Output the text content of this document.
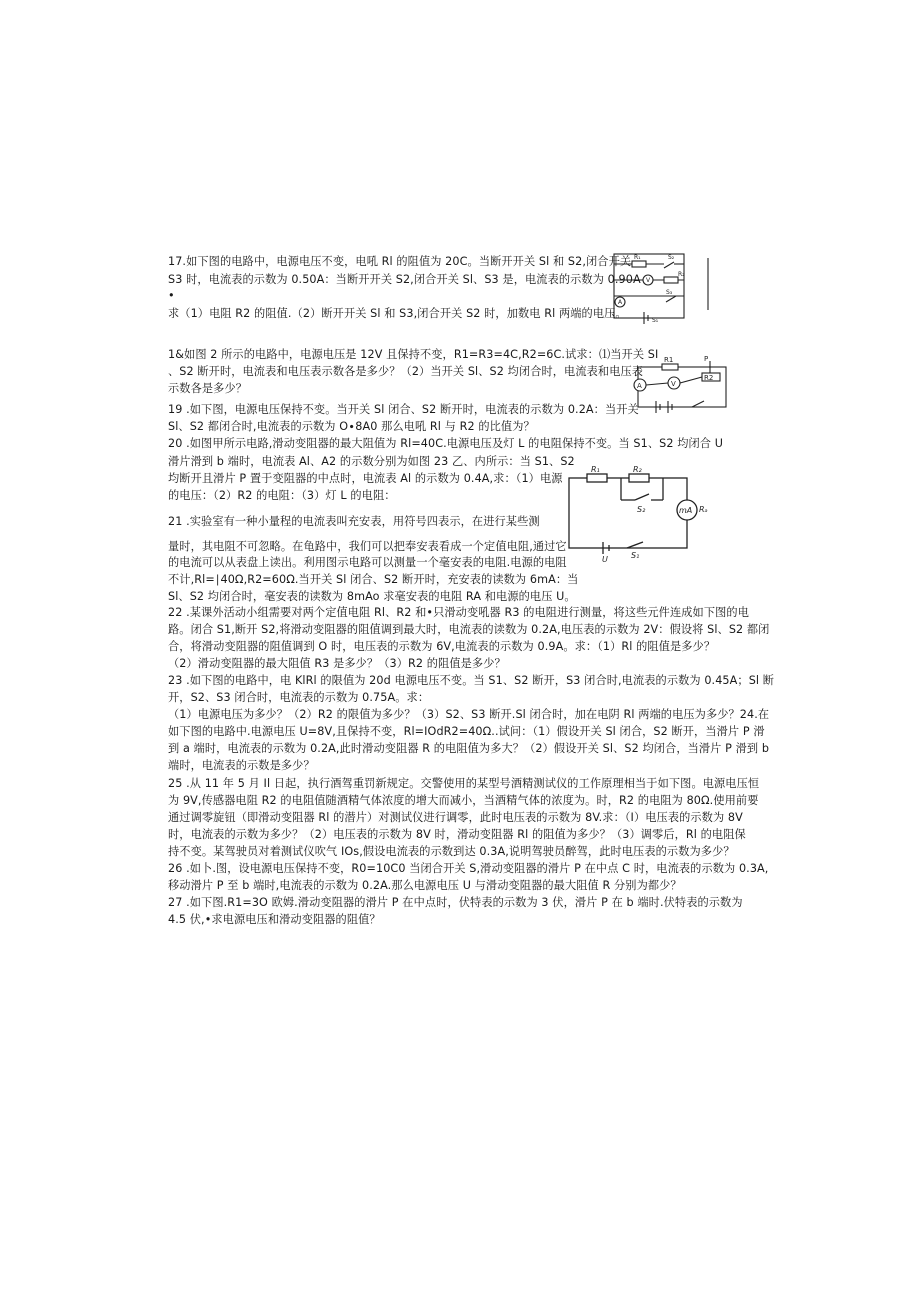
17.如下图的电路中，电源电压不变，电吼 Rl 的阻值为 20C。当断开开关 Sl 和 S2,闭合开关
S3 时，电流表的示数为 0.50A：当断开开关 S2,闭合开关 Sl、S3 是，电流表的示数为 0.90A
•
求（1）电阻 R2 的阻值.（2）断开开关 Sl 和 S3,闭合开关 S2 时，加数电 Rl 两端的电压。
R₁	S₂
V
R₂
A
S₃
S₁
1&如图 2 所示的电路中，电源电压是 12V 且保持不变，R1=R3=4C,R2=6C.试求：⑴当开关 SI
、S2 断开时，电流表和电压表示数各是多少？（2）当开关 Sl、S2 均闭合时，电流表和电压表
示数各是多少？
R1	P
R2
A	V
19 .如下图，电源电压保持不变。当开关 Sl 闭合、S2 断开时，电流表的示数为 0.2A：当开关
Sl、S2 都闭合时,电流表的示数为 O∙8A0 那么电吼 Rl 与 R2 的比值为？
20 .如图甲所示电路,滑动变阻器的最大阻值为 Rl=40C.电源电压及灯 L 的电阻保持不变。当 S1、S2 均闭合 U
滑片滑到 b 端时，电流表 Al、A2 的示数分别为如图 23 乙、内所示：当 S1、S2
均断开且滑片 P 置于变阻器的中点时，电流表 Al 的示数为 0.4A,求：（1）电源
的电压：（2）R2 的电阻：（3）灯 L 的电阻：
R₁	R₂
S₂	mA Rₐ
U	S₁
21 .实验室有一种小量程的电流表叫充安表，用符号四表示，在进行某些测
量时，其电阻不可忽略。在龟路中，我们可以把奉安表看成一个定值电阻,通过它
的电流可以从表盘上读出。利用图示电路可以测量一个毫安表的电阻.电源的电阻
不计,Rl=∣40Ω,R2=60Ω.当开关 Sl 闭合、S2 断开时，充安表的读数为 6mA：当
Sl、S2 均闭合时，毫安表的读数为 8mAo 求毫安表的电阻 RA 和电源的电压 U。
22 .某课外活动小组需要对两个定值电阻 Rl、R2 和•只滑动变吼器 R3 的电阻进行测量，将这些元件连成如下图的电
路。闭合 S1,断开 S2,将滑动变阻器的阻值调到最大时，电流表的读数为 0.2A,电压表的示数为 2V：假设将 Sl、S2 都闭
合，将滑动变阻器的阻值调到 O 时，电压表的示数为 6V,电流表的示数为 0.9A。求：（1）Rl 的阻值是多少？
（2）滑动变阻器的最大阻值 R3 是多少？（3）R2 的阻值是多少？
23 .如下图的电路中，电 KlRl 的限值为 20d 电源电压不变。当 S1、S2 断开，S3 闭合时,电流表的示数为 0.45A；Sl 断
开，S2、S3 闭合时，电流表的示数为 0.75A。求：
（1）电源电压为多少？（2）R2 的限值为多少？（3）S2、S3 断开.Sl 闭合时，加在电阴 Rl 两端的电压为多少？24.在
如下图的电路中.电源电压 U=8V,且保持不变，Rl=IOdR2=40Ω..试问：（1）假设开关 Sl 闭合，S2 断开，当滑片 P 滑
到 a 端时，电流表的示数为 0.2A,此时滑动变阻器 R 的电阻值为多大？（2）假设开关 Sl、S2 均闭合，当滑片 P 滑到 b
端时，电流表的示数是多少？
25 .从 11 年 5 月 Il 日起，执行酒驾重罚新规定。交警使用的某型号酒精测试仪的工作原理相当于如下图。电源电压恒
为 9V,传感器电阻 R2 的电阻值随酒精气体浓度的增大而减小，当酒精气体的浓度为。时，R2 的电阻为 80Ω.使用前要
通过调零旋钮（即滑动变阻器 Rl 的潜片）对测试仪进行调零，此时电压表的示数为 8V.求：（I）电压表的示数为 8V
时，电流表的示数为多少？（2）电压表的示数为 8V 时，滑动变阻器 Rl 的阻值为多少？（3）调零后，Rl 的电阻保
持不变。某驾驶员对着测试仪吹气 IOs,假设电流表的示数到达 0.3A,说明驾驶员醉驾，此时电压表的示数为多少？
26 .如卜.图，设电源电压保持不变，R0=10C0 当闭合开关 S,滑动变阻器的滑片 P 在中点 C 时，电流表的示数为 0.3A,
移动滑片 P 至 b 端时,电流表的示数为 0.2A.那么电源电压 U 与滑动变阻器的最大阻值 R 分别为都少？
27 .如下图.R1=3O 欧姆.滑动变阻器的滑片 P 在中点时，伏特表的示数为 3 伏，滑片 P 在 b 端时.伏特表的示数为
4.5 伏,•求电源电压和滑动变阻器的阻值？
